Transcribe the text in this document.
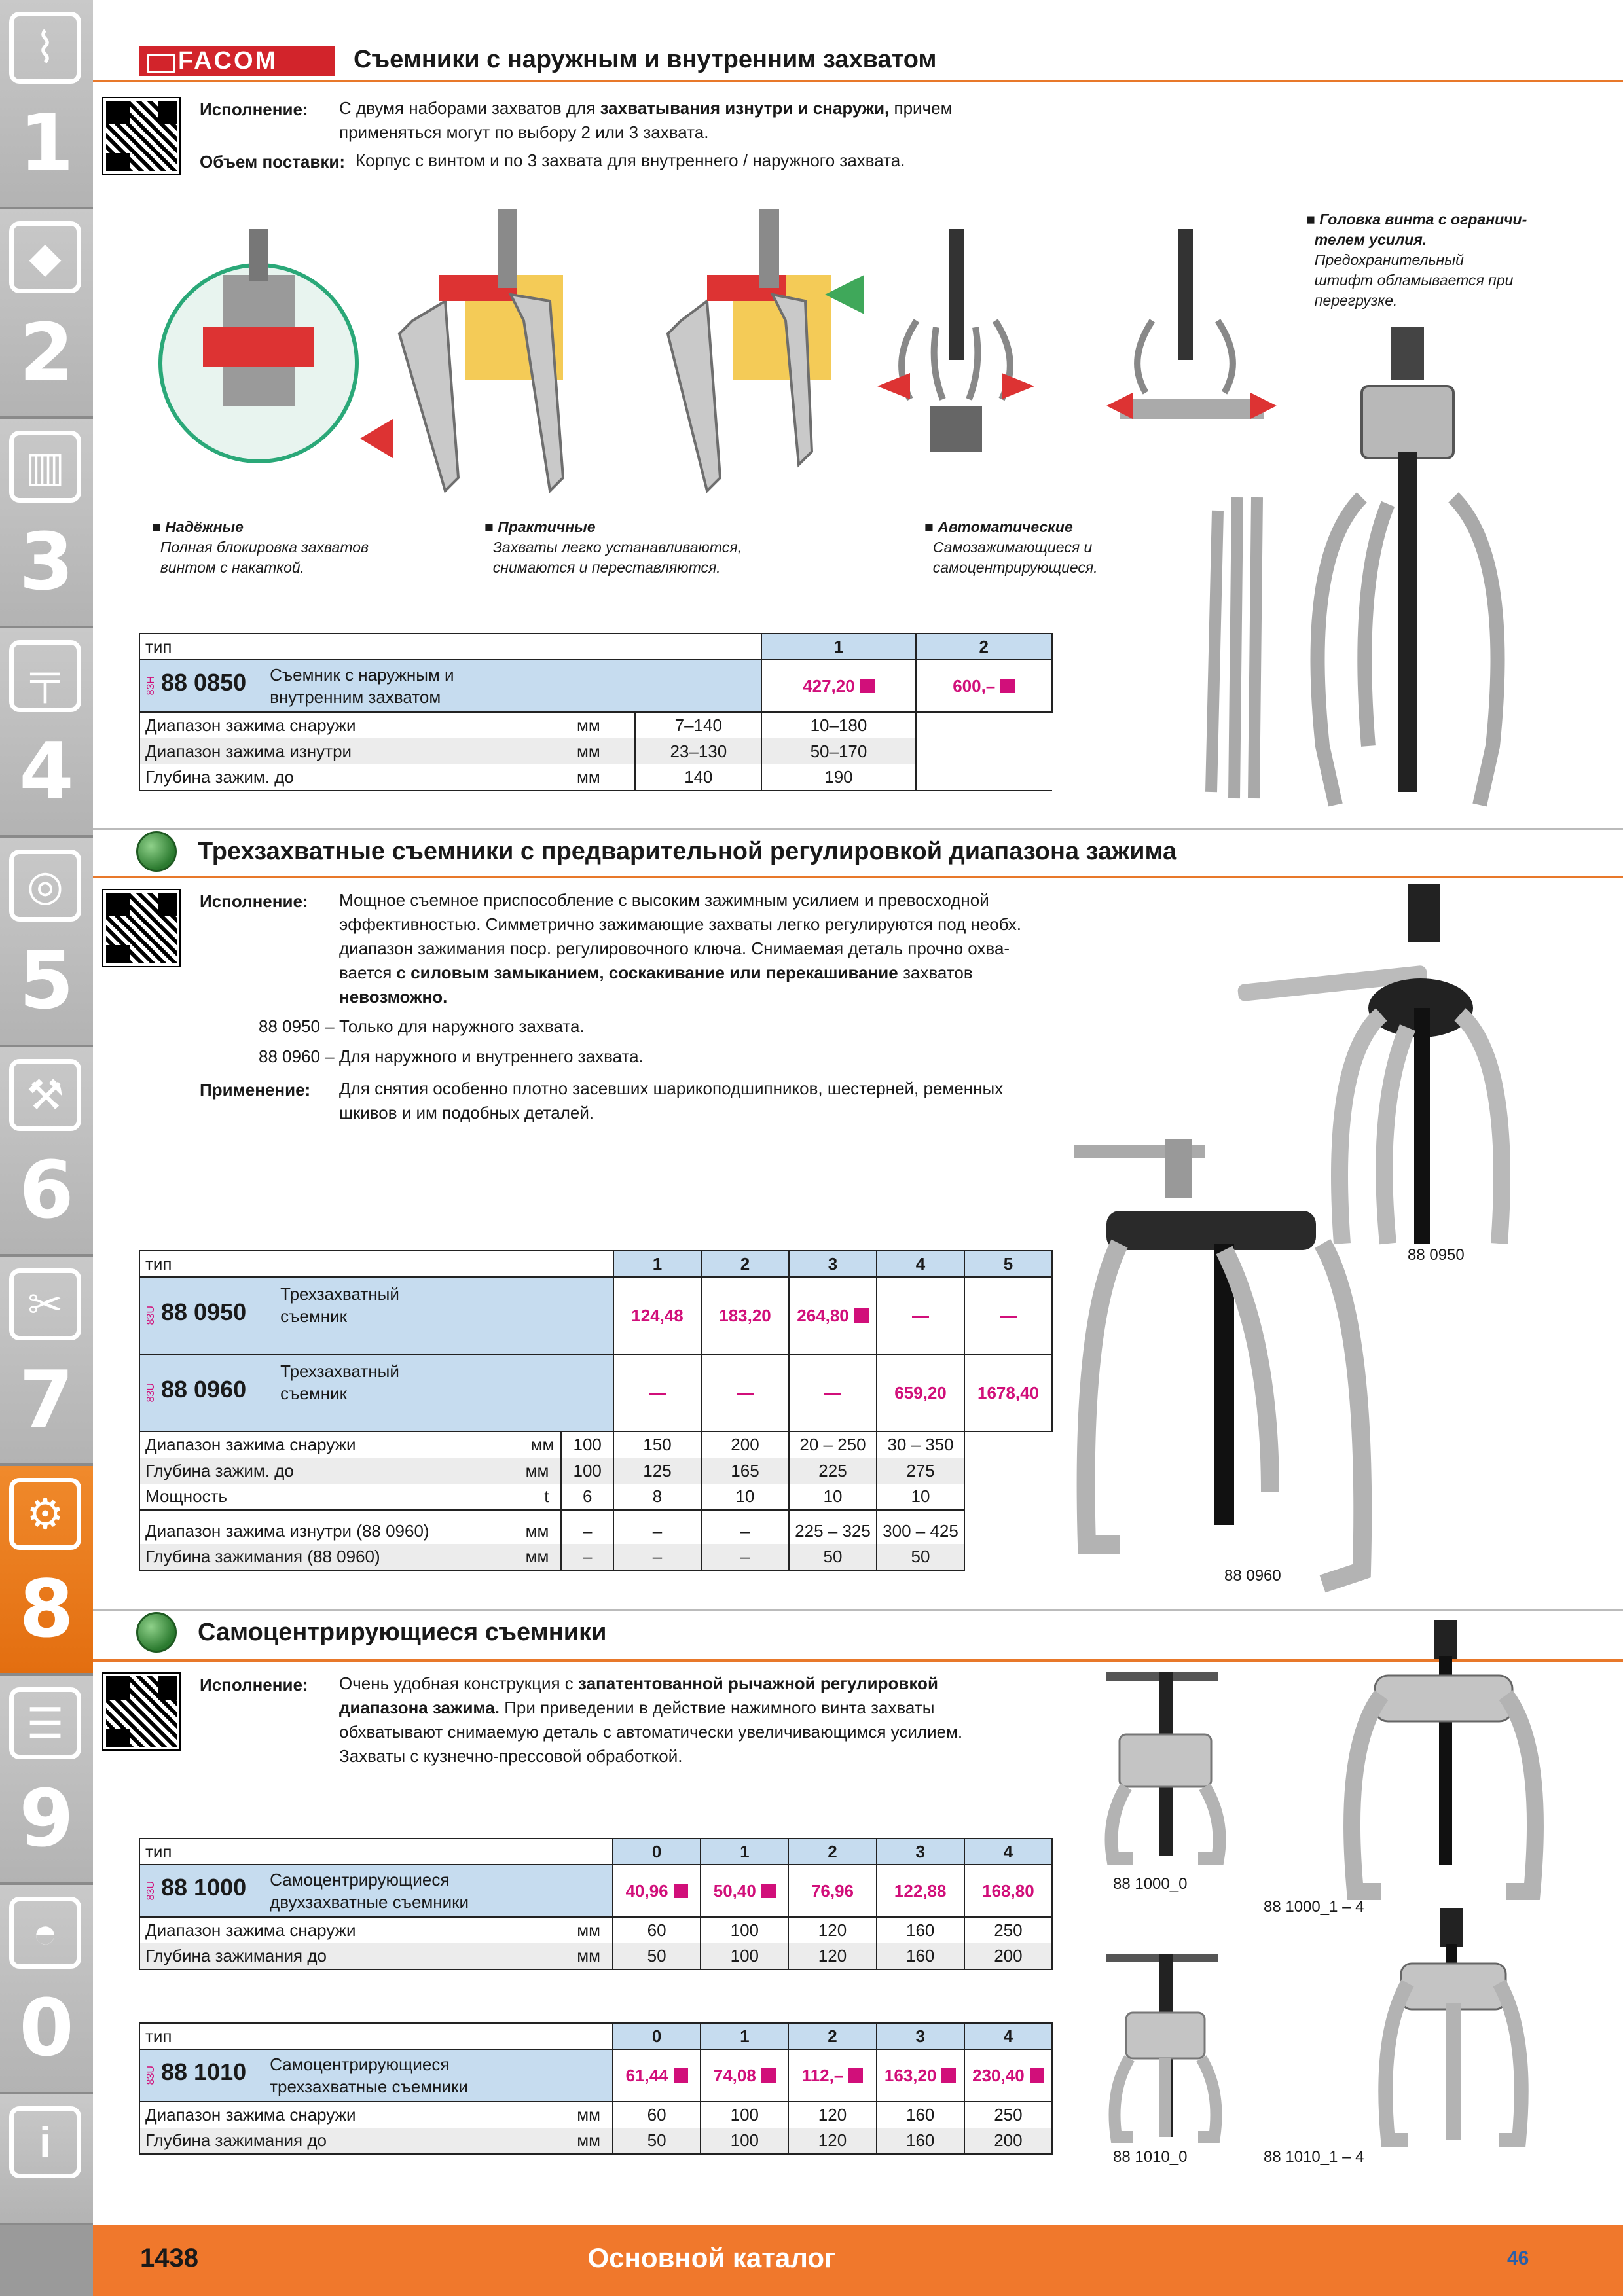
⌇
1
◆
2
▥
3
╤
4
◎
5
⚒
6
✂
7
⚙
8
☰
9
◓
0
i
FACOM	Съемники с наружным и внутренним захватом
Исполнение: С двумя наборами захватов для захватывания изнутри и снаружи, причем
применяться могут по выбору 2 или 3 захвата.
Объем поставки: Корпус с винтом и по 3 захвата для внутреннего / наружного захвата.
■ Надёжные
Полная блокировка захватов
винтом с накаткой.
■ Практичные
Захваты легко устанавливаются,
снимаются и переставляются.
■ Автоматические
Самозажимающиеся и
самоцентрирующиеся.
■ Головка винта с ограничи-
телем усилия.
Предохранительный
штифт обламывается при
перегрузке.
тип			1	2
83H 88 0850 Съемник с наружным и
внутренним захватом			427,20	600,–
Диапазон зажима снаружи	мм	7–140	10–180	
Диапазон зажима изнутри	мм	23–130	50–170	
Глубина зажим. до	мм	140	190	
Трехзахватные съемники с предварительной регулировкой диапазона зажима
Исполнение: Мощное съемное приспособление с высоким зажимным усилием и превосходной
эффективностью. Симметрично зажимающие захваты легко регулируются под необх.
диапазон зажимания поср. регулировочного ключа. Снимаемая деталь прочно охва-
вается с силовым замыканием, соскакивание или перекашивание захватов
невозможно.
88 0950 – Только для наружного захвата.
88 0960 – Для наружного и внутреннего захвата.
Применение: Для снятия особенно плотно засевших шарикоподшипников, шестерней, ременных
шкивов и им подобных деталей.
88 0950
88 0960
тип		1	2	3	4	5
83U 88 0950Трехзахватный
съемник		124,48	183,20	264,80	—	—
83U 88 0960Трехзахватный
съемник		—	—	—	659,20	1678,40
Диапазон зажима снаружи мм	100	150	200	20 – 250	30 – 350	
Глубина зажим. до мм	100	125	165	225	275	
Мощность t	6	8	10	10	10	

Диапазон зажима изнутри (88 0960) мм	–	–	–	225 – 325	300 – 425	
Глубина зажимания (88 0960) мм	–	–	–	50	50	
Самоцентрирующиеся съемники
Исполнение: Очень удобная конструкция с запатентованной рычажной регулировкой
диапазона зажима. При приведении в действие нажимного винта захваты
обхватывают снимаемую деталь с автоматически увеличивающимся усилием.
Захваты с кузнечно-прессовой обработкой.
88 1000_0
88 1000_1 – 4
88 1010_0	88 1010_1 – 4
тип	0	1	2	3	4
83U 88 1000 Самоцентрирующиеся
двухзахватные съемники	40,96	50,40	76,96	122,88	168,80
Диапазон зажима снаружи мм	60	100	120	160	250
Глубина зажимания до мм	50	100	120	160	200
тип	0	1	2	3	4
83U 88 1010 Самоцентрирующиеся
трехзахватные съемники	61,44	74,08	112,–	163,20	230,40
Диапазон зажима снаружи мм	60	100	120	160	250
Глубина зажимания до мм	50	100	120	160	200
1438	Основной каталог	46
